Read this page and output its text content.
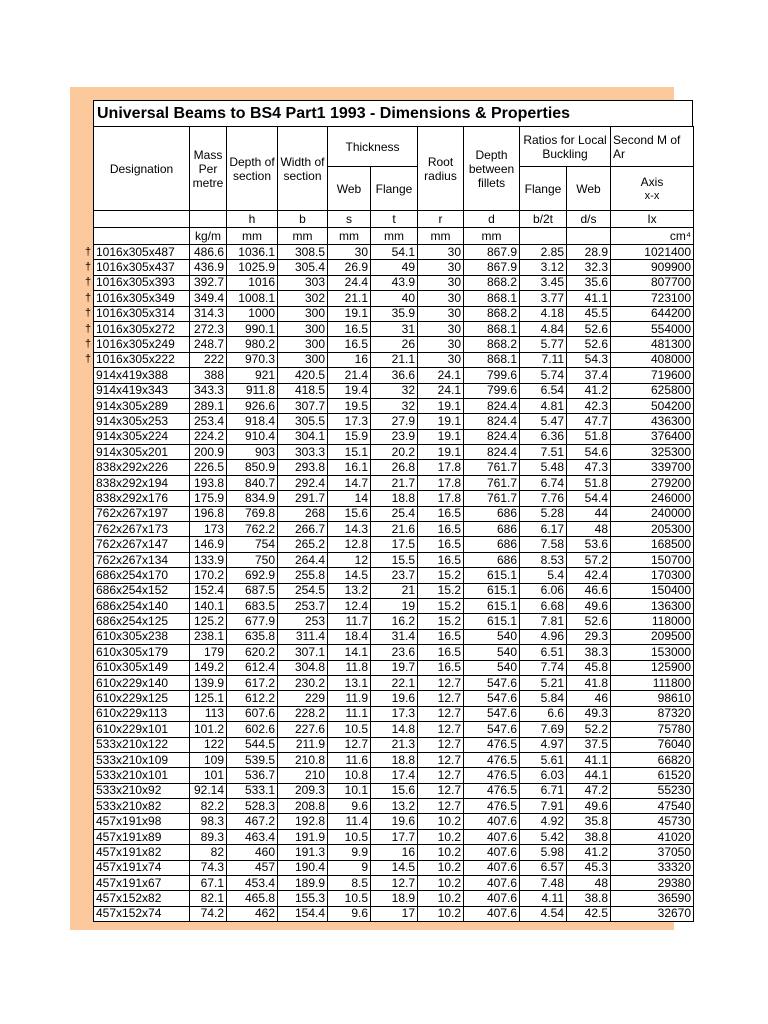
Universal Beams to BS4 Part1 1993 - Dimensions & Properties
Designation	Mass Per metre	Depth of section	Width of section	Thickness		Root radius	Depth between fillets	Ratios for Local Buckling		Second M of Ar
				Web	Flange			Flange	Web	Axis
x-x

		h	b	s	t	r	d	b/2t	d/s	Ix
	kg/m	mm	mm	mm	mm	mm	mm			cm⁴

† 1016x305x487	486.6	1036.1	308.5	30	54.1	30	867.9	2.85	28.9	1021400

† 1016x305x437	436.9	1025.9	305.4	26.9	49	30	867.9	3.12	32.3	909900

† 1016x305x393	392.7	1016	303	24.4	43.9	30	868.2	3.45	35.6	807700

† 1016x305x349	349.4	1008.1	302	21.1	40	30	868.1	3.77	41.1	723100

† 1016x305x314	314.3	1000	300	19.1	35.9	30	868.2	4.18	45.5	644200

† 1016x305x272	272.3	990.1	300	16.5	31	30	868.1	4.84	52.6	554000

† 1016x305x249	248.7	980.2	300	16.5	26	30	868.2	5.77	52.6	481300

† 1016x305x222	222	970.3	300	16	21.1	30	868.1	7.11	54.3	408000
914x419x388	388	921	420.5	21.4	36.6	24.1	799.6	5.74	37.4	719600
914x419x343	343.3	911.8	418.5	19.4	32	24.1	799.6	6.54	41.2	625800
914x305x289	289.1	926.6	307.7	19.5	32	19.1	824.4	4.81	42.3	504200
914x305x253	253.4	918.4	305.5	17.3	27.9	19.1	824.4	5.47	47.7	436300
914x305x224	224.2	910.4	304.1	15.9	23.9	19.1	824.4	6.36	51.8	376400
914x305x201	200.9	903	303.3	15.1	20.2	19.1	824.4	7.51	54.6	325300
838x292x226	226.5	850.9	293.8	16.1	26.8	17.8	761.7	5.48	47.3	339700
838x292x194	193.8	840.7	292.4	14.7	21.7	17.8	761.7	6.74	51.8	279200
838x292x176	175.9	834.9	291.7	14	18.8	17.8	761.7	7.76	54.4	246000
762x267x197	196.8	769.8	268	15.6	25.4	16.5	686	5.28	44	240000
762x267x173	173	762.2	266.7	14.3	21.6	16.5	686	6.17	48	205300
762x267x147	146.9	754	265.2	12.8	17.5	16.5	686	7.58	53.6	168500
762x267x134	133.9	750	264.4	12	15.5	16.5	686	8.53	57.2	150700
686x254x170	170.2	692.9	255.8	14.5	23.7	15.2	615.1	5.4	42.4	170300
686x254x152	152.4	687.5	254.5	13.2	21	15.2	615.1	6.06	46.6	150400
686x254x140	140.1	683.5	253.7	12.4	19	15.2	615.1	6.68	49.6	136300
686x254x125	125.2	677.9	253	11.7	16.2	15.2	615.1	7.81	52.6	118000
610x305x238	238.1	635.8	311.4	18.4	31.4	16.5	540	4.96	29.3	209500
610x305x179	179	620.2	307.1	14.1	23.6	16.5	540	6.51	38.3	153000
610x305x149	149.2	612.4	304.8	11.8	19.7	16.5	540	7.74	45.8	125900
610x229x140	139.9	617.2	230.2	13.1	22.1	12.7	547.6	5.21	41.8	111800
610x229x125	125.1	612.2	229	11.9	19.6	12.7	547.6	5.84	46	98610
610x229x113	113	607.6	228.2	11.1	17.3	12.7	547.6	6.6	49.3	87320
610x229x101	101.2	602.6	227.6	10.5	14.8	12.7	547.6	7.69	52.2	75780
533x210x122	122	544.5	211.9	12.7	21.3	12.7	476.5	4.97	37.5	76040
533x210x109	109	539.5	210.8	11.6	18.8	12.7	476.5	5.61	41.1	66820
533x210x101	101	536.7	210	10.8	17.4	12.7	476.5	6.03	44.1	61520
533x210x92	92.14	533.1	209.3	10.1	15.6	12.7	476.5	6.71	47.2	55230
533x210x82	82.2	528.3	208.8	9.6	13.2	12.7	476.5	7.91	49.6	47540
457x191x98	98.3	467.2	192.8	11.4	19.6	10.2	407.6	4.92	35.8	45730
457x191x89	89.3	463.4	191.9	10.5	17.7	10.2	407.6	5.42	38.8	41020
457x191x82	82	460	191.3	9.9	16	10.2	407.6	5.98	41.2	37050
457x191x74	74.3	457	190.4	9	14.5	10.2	407.6	6.57	45.3	33320
457x191x67	67.1	453.4	189.9	8.5	12.7	10.2	407.6	7.48	48	29380
457x152x82	82.1	465.8	155.3	10.5	18.9	10.2	407.6	4.11	38.8	36590
457x152x74	74.2	462	154.4	9.6	17	10.2	407.6	4.54	42.5	32670
